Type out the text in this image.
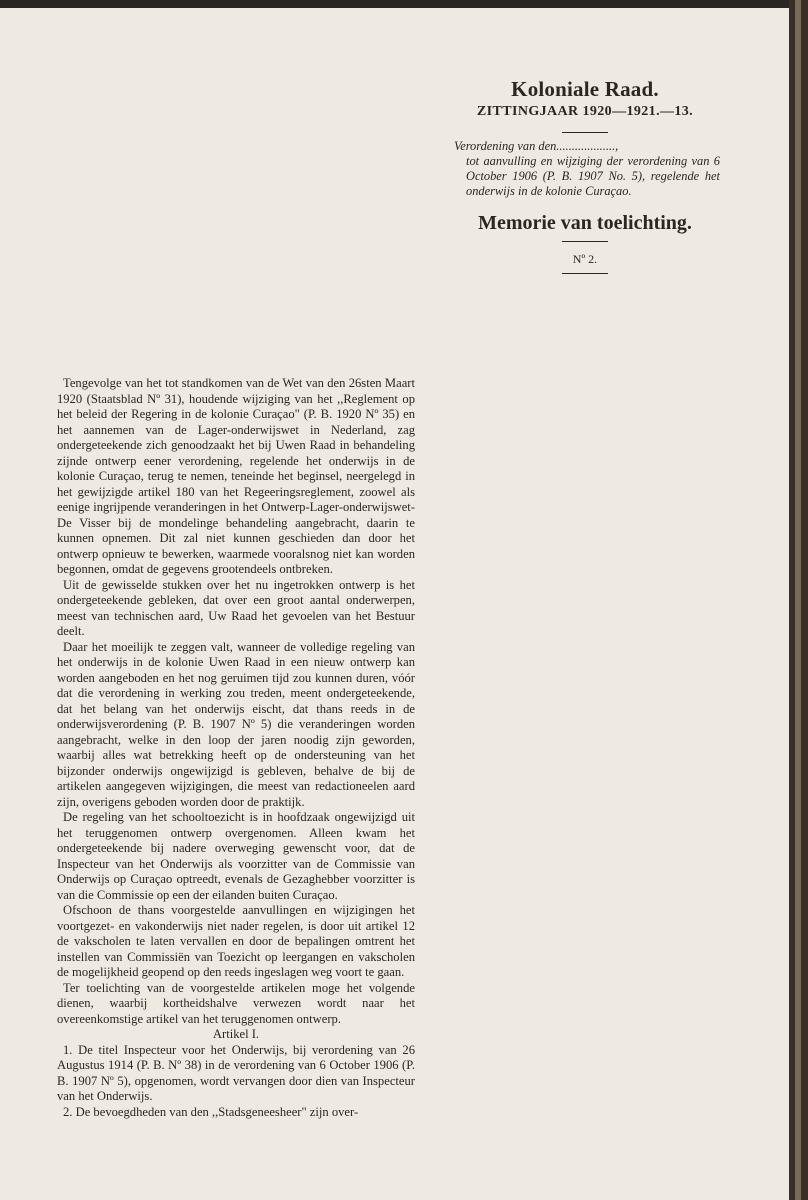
Koloniale Raad.
ZITTINGJAAR 1920—1921.—13.
Verordening van den...................,
tot aanvulling en wijziging der verordening van 6 October 1906 (P. B. 1907 No. 5), regelende het onderwijs in de kolonie Curaçao.
Memorie van toelichting.
Nº 2.

Tengevolge van het tot standkomen van de Wet van den 26sten Maart 1920 (Staatsblad Nº 31), houdende wijziging van het ,,Reglement op het beleid der Regering in de kolonie Curaçao" (P. B. 1920 Nº 35) en het aannemen van de Lager-onderwijswet in Nederland, zag ondergeteekende zich genoodzaakt het bij Uwen Raad in behandeling zijnde ontwerp eener verordening, regelende het onderwijs in de kolonie Curaçao, terug te nemen, teneinde het beginsel, neergelegd in het gewijzigde artikel 180 van het Regeeringsreglement, zoowel als eenige ingrijpende veranderingen in het Ontwerp-Lager-onderwijswet-De Visser bij de mondelinge behandeling aangebracht, daarin te kunnen opnemen. Dit zal niet kunnen geschieden dan door het ontwerp opnieuw te bewerken, waarmede vooralsnog niet kan worden begonnen, omdat de gegevens grootendeels ontbreken.

Uit de gewisselde stukken over het nu ingetrokken ontwerp is het ondergeteekende gebleken, dat over een groot aantal onderwerpen, meest van technischen aard, Uw Raad het gevoelen van het Bestuur deelt.

Daar het moeilijk te zeggen valt, wanneer de volledige regeling van het onderwijs in de kolonie Uwen Raad in een nieuw ontwerp kan worden aangeboden en het nog geruimen tijd zou kunnen duren, vóór dat die verordening in werking zou treden, meent ondergeteekende, dat het belang van het onderwijs eischt, dat thans reeds in de onderwijsverordening (P. B. 1907 Nº 5) die veranderingen worden aangebracht, welke in den loop der jaren noodig zijn geworden, waarbij alles wat betrekking heeft op de ondersteuning van het bijzonder onderwijs ongewijzigd is gebleven, behalve de bij de artikelen aangegeven wijzigingen, die meest van redactioneelen aard zijn, overigens geboden worden door de praktijk.

De regeling van het schooltoezicht is in hoofdzaak ongewijzigd uit het teruggenomen ontwerp overgenomen. Alleen kwam het ondergeteekende bij nadere overweging gewenscht voor, dat de Inspecteur van het Onderwijs als voorzitter van de Commissie van Onderwijs op Curaçao optreedt, evenals de Gezaghebber voorzitter is van die Commissie op een der eilanden buiten Curaçao.

Ofschoon de thans voorgestelde aanvullingen en wijzigingen het voortgezet- en vakonderwijs niet nader regelen, is door uit artikel 12 de vakscholen te laten vervallen en door de bepalingen omtrent het instellen van Commissiën van Toezicht op leergangen en vakscholen de mogelijkheid geopend op den reeds ingeslagen weg voort te gaan.

Ter toelichting van de voorgestelde artikelen moge het volgende dienen, waarbij kortheidshalve verwezen wordt naar het overeenkomstige artikel van het teruggenomen ontwerp.

Artikel I.

1. De titel Inspecteur voor het Onderwijs, bij verordening van 26 Augustus 1914 (P. B. Nº 38) in de verordening van 6 October 1906 (P. B. 1907 Nº 5), opgenomen, wordt vervangen door dien van Inspecteur van het Onderwijs.

2. De bevoegdheden van den ,,Stadsgeneesheer" zijn over-
